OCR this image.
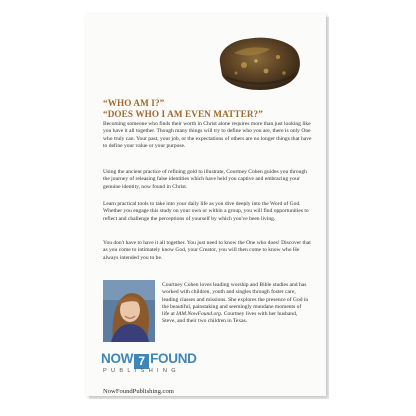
“WHO AM I?”
“DOES WHO I AM EVEN MATTER?”
Becoming someone who finds their worth in Christ alone requires more than just looking like you have it all together. Though many things will try to define who you are, there is only One who truly can. Your past, your job, or the expectations of others are no longer things that have to define your value or your purpose.
Using the ancient practice of refining gold to illustrate, Courtney Cohen guides you through the journey of releasing false identities which have held you captive and embracing your genuine identity, now found in Christ.
Learn practical tools to take into your daily life as you dive deeply into the Word of God. Whether you engage this study on your own or within a group, you will find opportunities to reflect and challenge the perceptions of yourself by which you've been living.
You don't have to have it all together. You just need to know the One who does! Discover that as you come to intimately know God, your Creator, you will then come to know who He always intended you to be.
Courtney Cohen loves leading worship and Bible studies and has worked with children, youth and singles through foster care, leading classes and missions. She explores the presence of God in the beautiful, painstaking and seemingly mundane moments of life at IAM.NowFound.org. Courtney lives with her husband, Steve, and their two children in Texas.
NOW 7 FOUND
PUBLISHING
NowFoundPublishing.com
